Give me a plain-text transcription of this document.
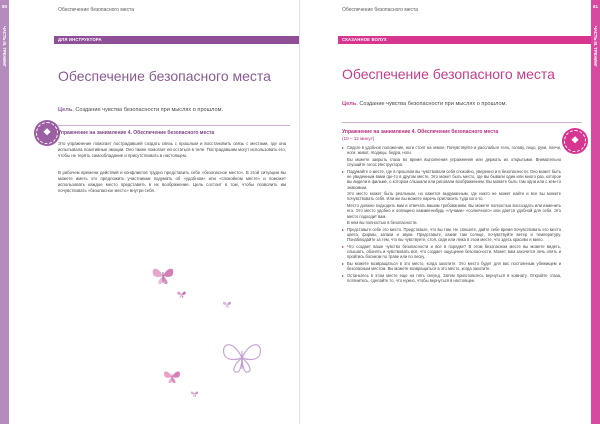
60
ЧАСТЬ III. ТРЕНИНГ
Обеспечение безопасного места
ДЛЯ ИНСТРУКТОРА
Обеспечение безопасного места

Цель. Создание чувства безопасности при мыслях о прошлом.

❖	Упражнение на занимление 4. Обеспечение безопасного места

Это упражнение помогает пострадавшей создать связь с прошлым и восстановить связь с местами, где она испытывала позитивные эмоции. Оно также помогает ей остаться в теле. Пострадавшим могут использовать его, чтобы не терять самообладание и присутствовать в настоящем.

В рабочем времени действий и конфликтов трудно представить себе «безопасное место». В этой ситуации вы можете иметь это предложить участникам подумать об «удобном» или «спокойном месте» и поможет использовать каждое место представить в их воображение. Цель состоит в том, чтобы позволить им почувствовать «безопасное место» внутри себя.

61
ЧАСТЬ III. ТРЕНИНГ
Обеспечение безопасного места
СКАЗАННОЕ ВОЛУХ
Обеспечение безопасного места

Цель. Создание чувства безопасности при мыслях о прошлом.

❖
Упражнение на занимление 4. Обеспечение безопасного места
(10 – 12 минут)
▸ Сядьте в удобное положение, ноги стоят на земле. Почувствуйте и расслабьте тело, голову, лицо, руки, плечи, ноги, живот, ягодицы, бедра, ноги.
Вы можете закрыть глаза во время выполнения упражнения или держать их открытыми. Внимательно слушайте голос Инструктора.
▸ Подумайте о месте, где в прошлом вы чувствовали себя спокойно, уверенно и в безопасности. Оно может быть не увиденным вами где-то в другом месте. Это может быть место, где вы бывали один или много раз, которое вы видели в фильме, о котором слышали или рисовали воображением. Вы можете быть там одни или с кем-то знакомым.
Это место может быть реальным, но кажется выдуманным, где никто не может найти и все вы можете почувствовать себя. Или же вы можете наречь пригласить туда кого-то.
Место должно подходить вам и отвечать вашим требованиям. Вы можете полностью воссоздать или изменить его. Это место удобно и освящено какими-нибудь «лучами» «солнечного» или дается удобной для себя. Это место подходит вам.
В нем вы полностью в безопасности.
▸ Представьте себе это место. Представьте, что вы там. Не спешите, дайте себе время почувствовать его место цвета, формы, запахи и звуки. Представьте, каким там солнце, почувствуйте ветер и температуру. Понаблюдайте за тем, что вы чувствуете, стоя, сидя или лежа в этом месте, что здесь красиво и мило.
▸ Что создает ваше чувство безопасности и все в порядке? В этом безопасном месте вы можете видеть, слышать, обонять и чувствовать всё, что создает ощущение безопасности. Может, вам захочется лечь опять и пройтись босиком по траве или по песку.
▸ Вы можете возвращаться в это место, когда захотите. Это место будет для вас постоянным убежищем и безопасным местом. Вы можете возвращаться в это место, когда захотите.
▸ Останьтесь в этом месте еще на пять секунд. Затем приготовьтесь вернуться в комнату. Откройте глаза, потянитесь, сделайте то, что нужно, чтобы вернуться в настоящее.
